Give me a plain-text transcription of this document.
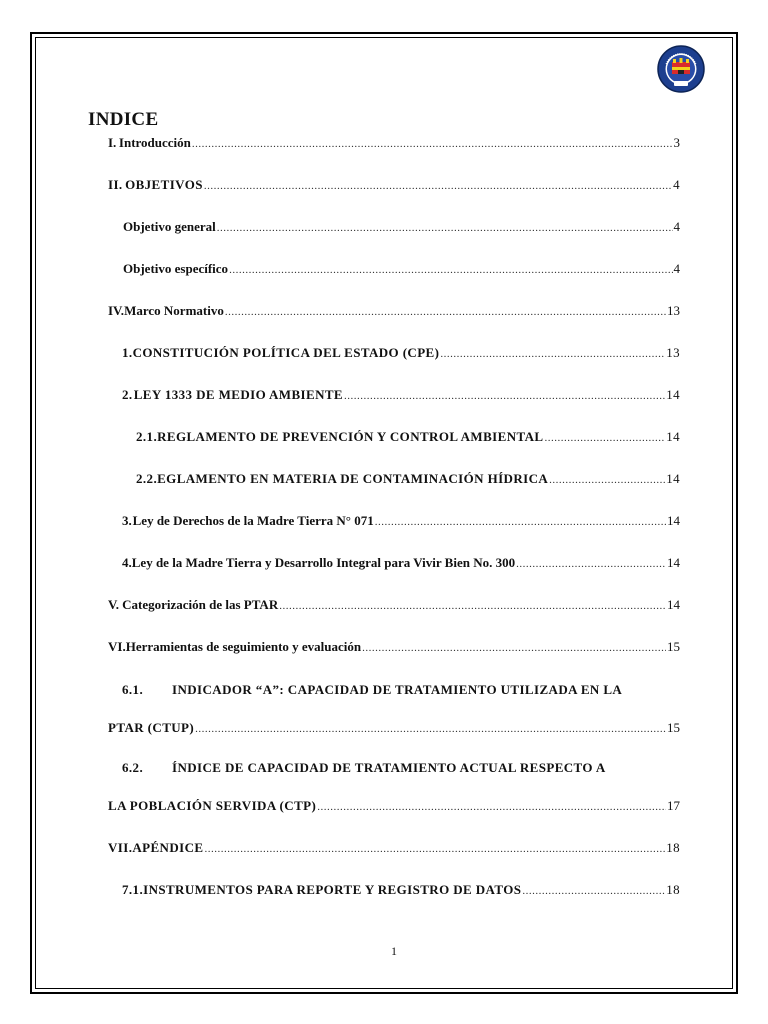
INDICE
I. Introducción .....	3
II. OBJETIVOS .....	4
Objetivo general .....	4
Objetivo específico .....	4
IV. Marco Normativo .....	13
1. CONSTITUCIÓN POLÍTICA DEL ESTADO (CPE) .....	13
2. LEY 1333 DE MEDIO AMBIENTE .....	14
2.1. REGLAMENTO DE PREVENCIÓN Y CONTROL AMBIENTAL .....	14
2.2. EGLAMENTO EN MATERIA DE CONTAMINACIÓN HÍDRICA .....	14
3. Ley de Derechos de la Madre Tierra N° 071 .....	14
4. Ley de la Madre Tierra y Desarrollo Integral para Vivir Bien No. 300 .....	14
V. Categorización de las PTAR .....	14
VI. Herramientas de seguimiento y evaluación .....	15
6.1. INDICADOR “A”: CAPACIDAD DE TRATAMIENTO UTILIZADA EN LA
PTAR (CTUP) .....	15
6.2. ÍNDICE DE CAPACIDAD DE TRATAMIENTO ACTUAL RESPECTO A
LA POBLACIÓN SERVIDA (CTP) .....	17
VII. APÉNDICE .....	18
7.1. INSTRUMENTOS PARA REPORTE Y REGISTRO DE DATOS .....	18
1
